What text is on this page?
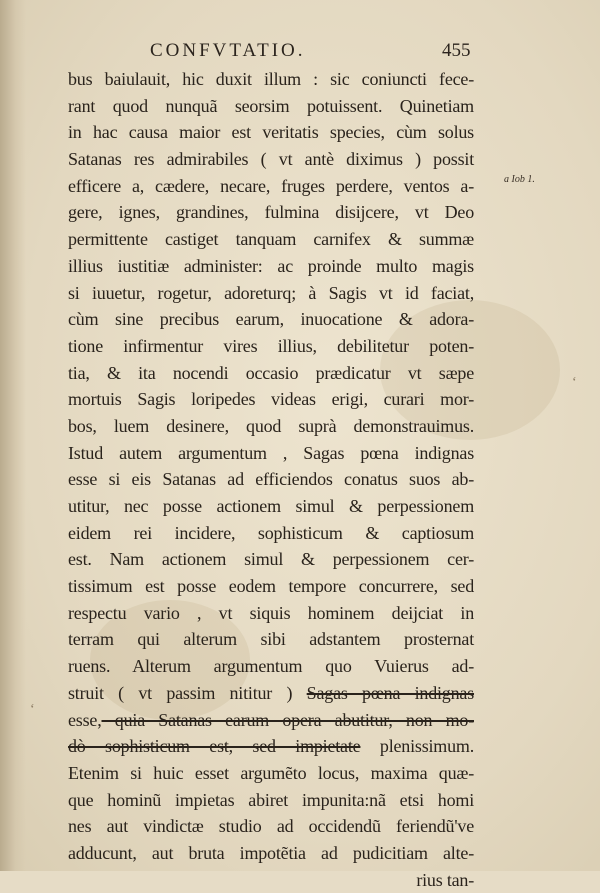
CONFVTATIO.	455
a Iob 1.
‘
‘
bus baiulauit, hic duxit illum : sic coniuncti fece-
rant quod nunquã seorsim potuissent. Quinetiam
in hac causa maior est veritatis species, cùm solus
Satanas res admirabiles ( vt antè diximus ) possit
efficere a, cædere, necare, fruges perdere, ventos a-
gere, ignes, grandines, fulmina disijcere, vt Deo
permittente castiget tanquam carnifex & summæ
illius iustitiæ administer: ac proinde multo magis
si iuuetur, rogetur, adoreturq; à Sagis vt id faciat,
cùm sine precibus earum, inuocatione & adora-
tione infirmentur vires illius, debilitetur poten-
tia, & ita nocendi occasio prædicatur vt sæpe
mortuis Sagis loripedes videas erigi, curari mor-
bos, luem desinere, quod suprà demonstrauimus.
Istud autem argumentum , Sagas pœna indignas
esse si eis Satanas ad efficiendos conatus suos ab-
utitur, nec posse actionem simul & perpessionem
eidem rei incidere, sophisticum & captiosum
est. Nam actionem simul & perpessionem cer-
tissimum est posse eodem tempore concurrere, sed
respectu vario , vt siquis hominem deijciat in
terram qui alterum sibi adstantem prosternat
ruens. Alterum argumentum quo Vuierus ad-
struit ( vt passim nititur ) Sagas pœna indignas
esse, quia Satanas earum opera abutitur, non mo-
dò sophisticum est, sed impietate plenissimum.
Etenim si huic esset argumẽto locus, maxima quæ-
que hominũ impietas abiret impunita:nã etsi homi
nes aut vindictæ studio ad occidendũ feriendũ've
adducunt, aut bruta impotẽtia ad pudicitiam alte-
rius tan-
